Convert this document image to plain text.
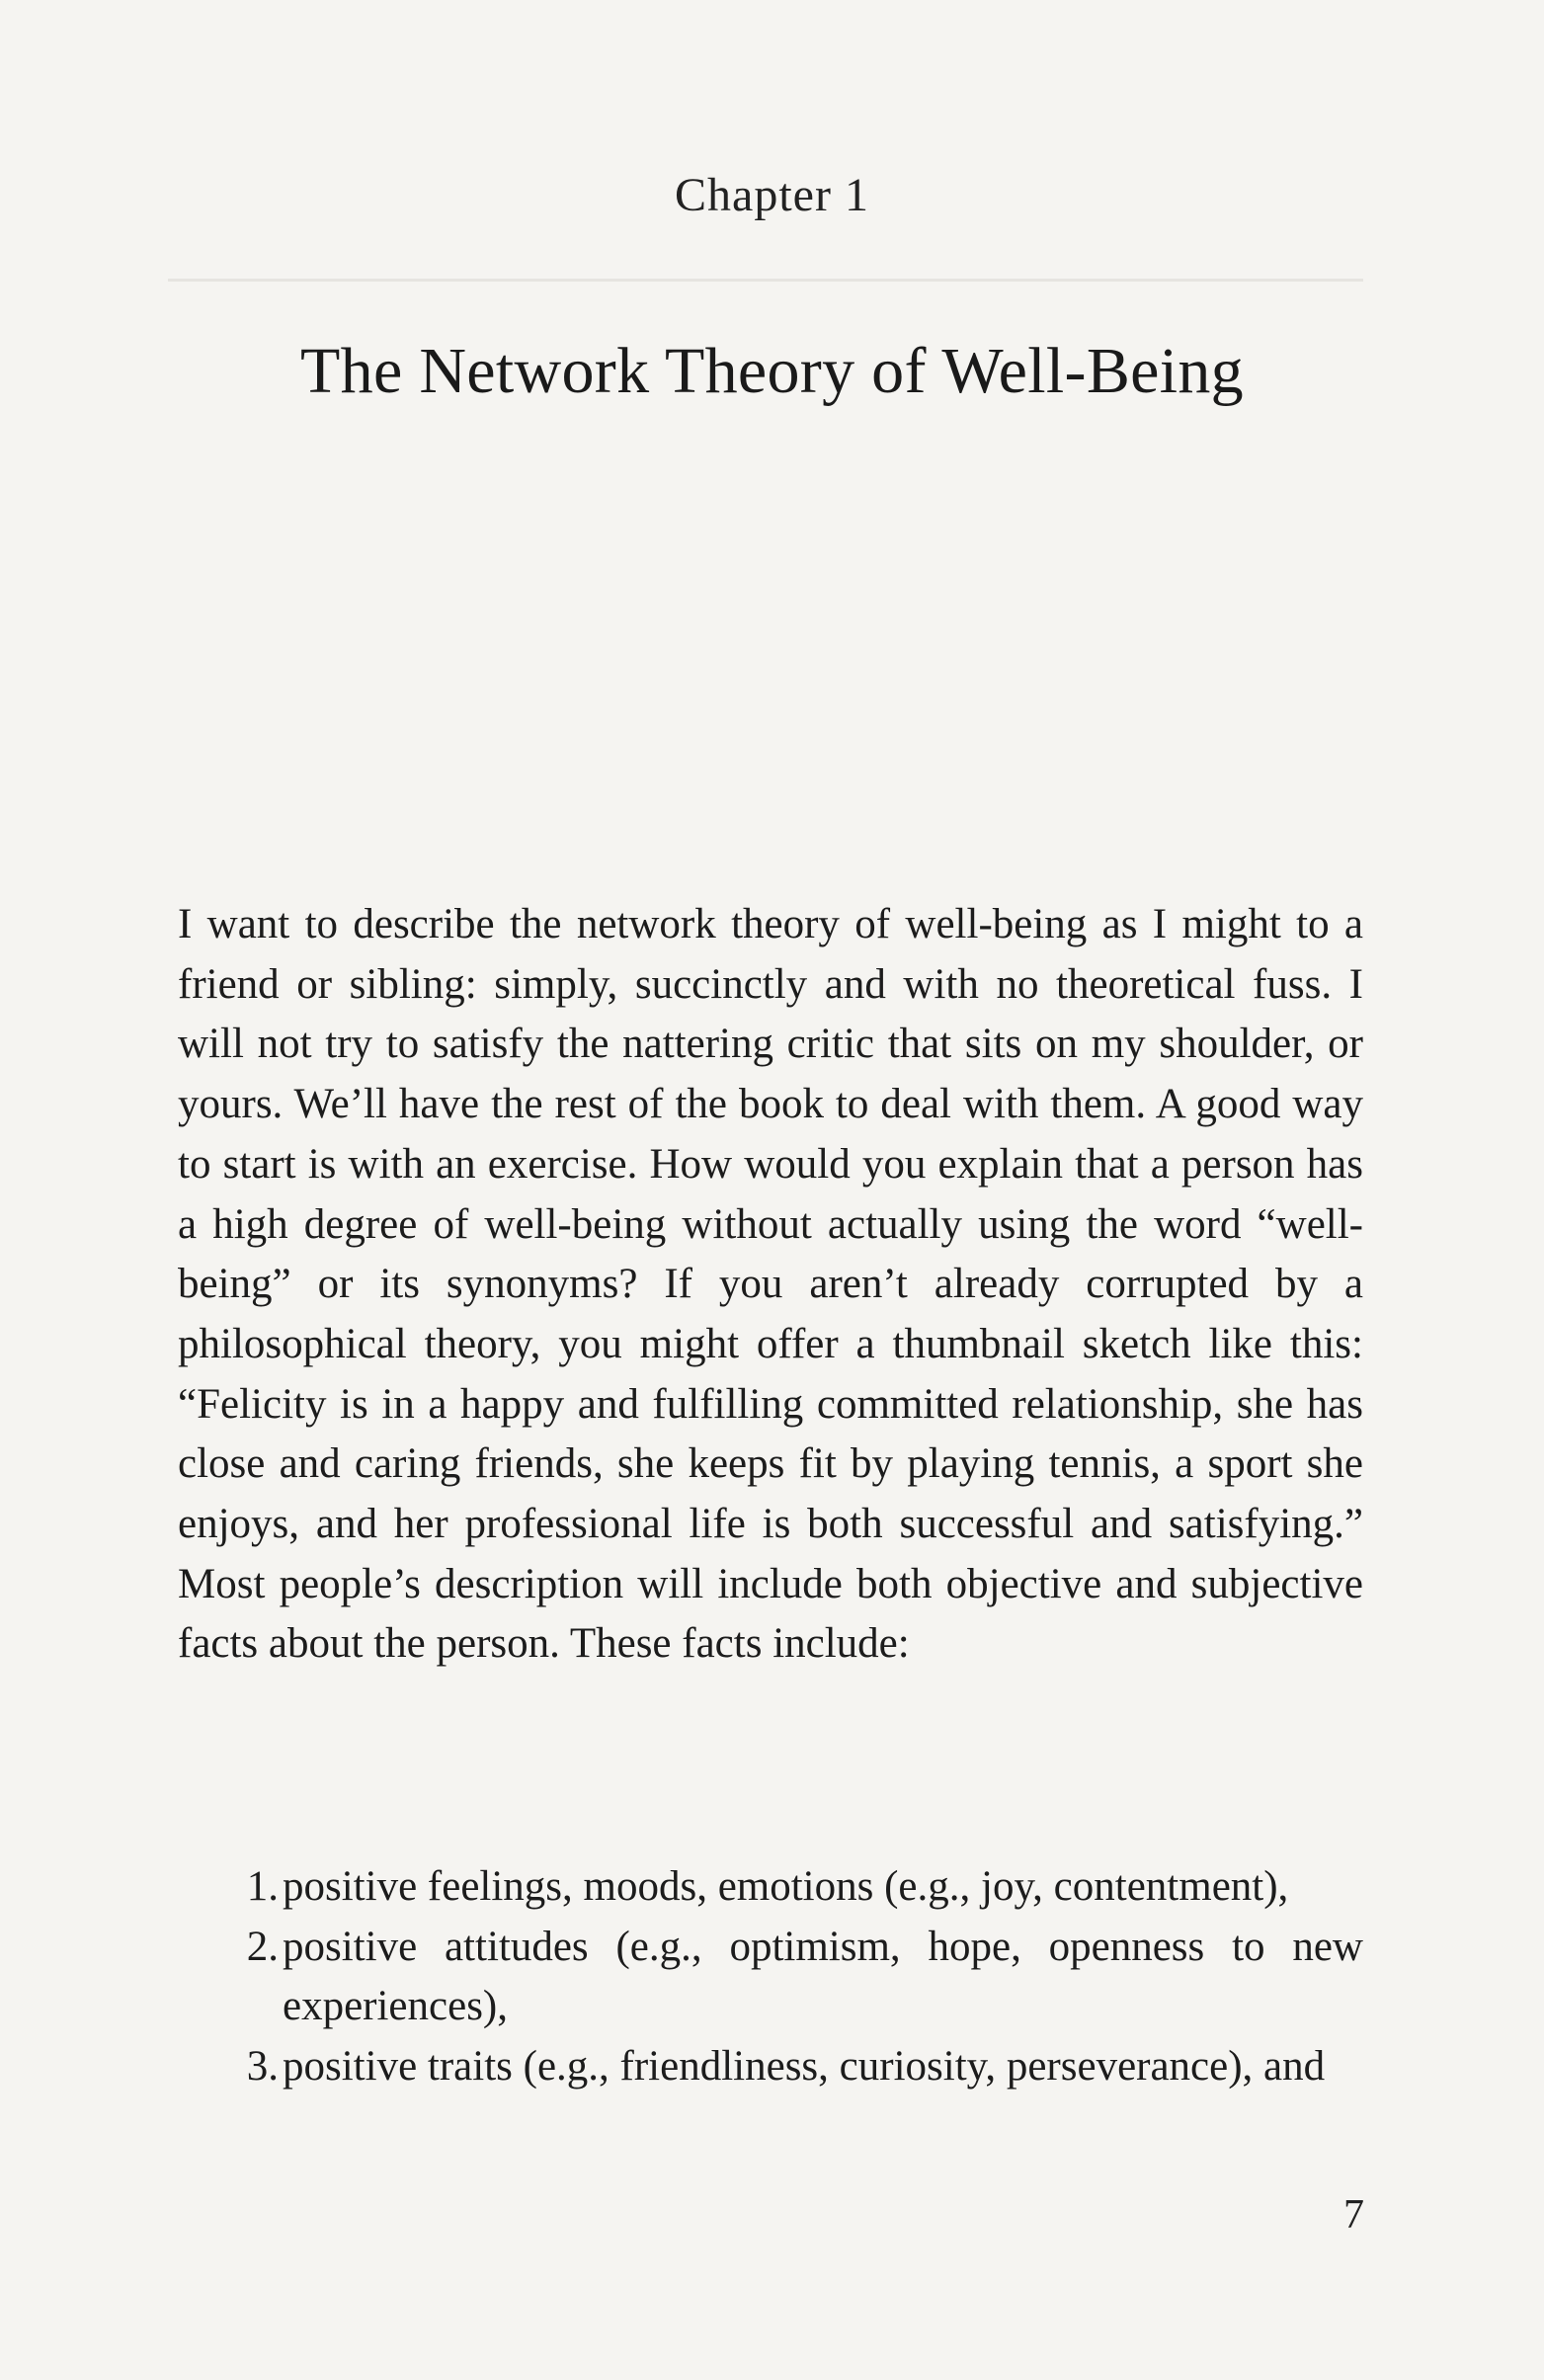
Chapter 1
The Network Theory of Well-Being

I want to describe the network theory of well-being as I might to a friend or sibling: simply, succinctly and with no theoretical fuss. I will not try to satisfy the nattering critic that sits on my shoulder, or yours. We’ll have the rest of the book to deal with them. A good way to start is with an exercise. How would you explain that a person has a high degree of well-being without actually using the word “well-being” or its synonyms? If you aren’t already corrupted by a philosophical theory, you might offer a thumbnail sketch like this: “Felicity is in a happy and fulfilling committed relationship, she has close and caring friends, she keeps fit by playing tennis, a sport she enjoys, and her professional life is both successful and satisfying.” Most people’s description will include both objective and subjective facts about the person. These facts include:

1. positive feelings, moods, emotions (e.g., joy, contentment),
2. positive attitudes (e.g., optimism, hope, openness to new experiences),
3. positive traits (e.g., friendliness, curiosity, perseverance), and

7
